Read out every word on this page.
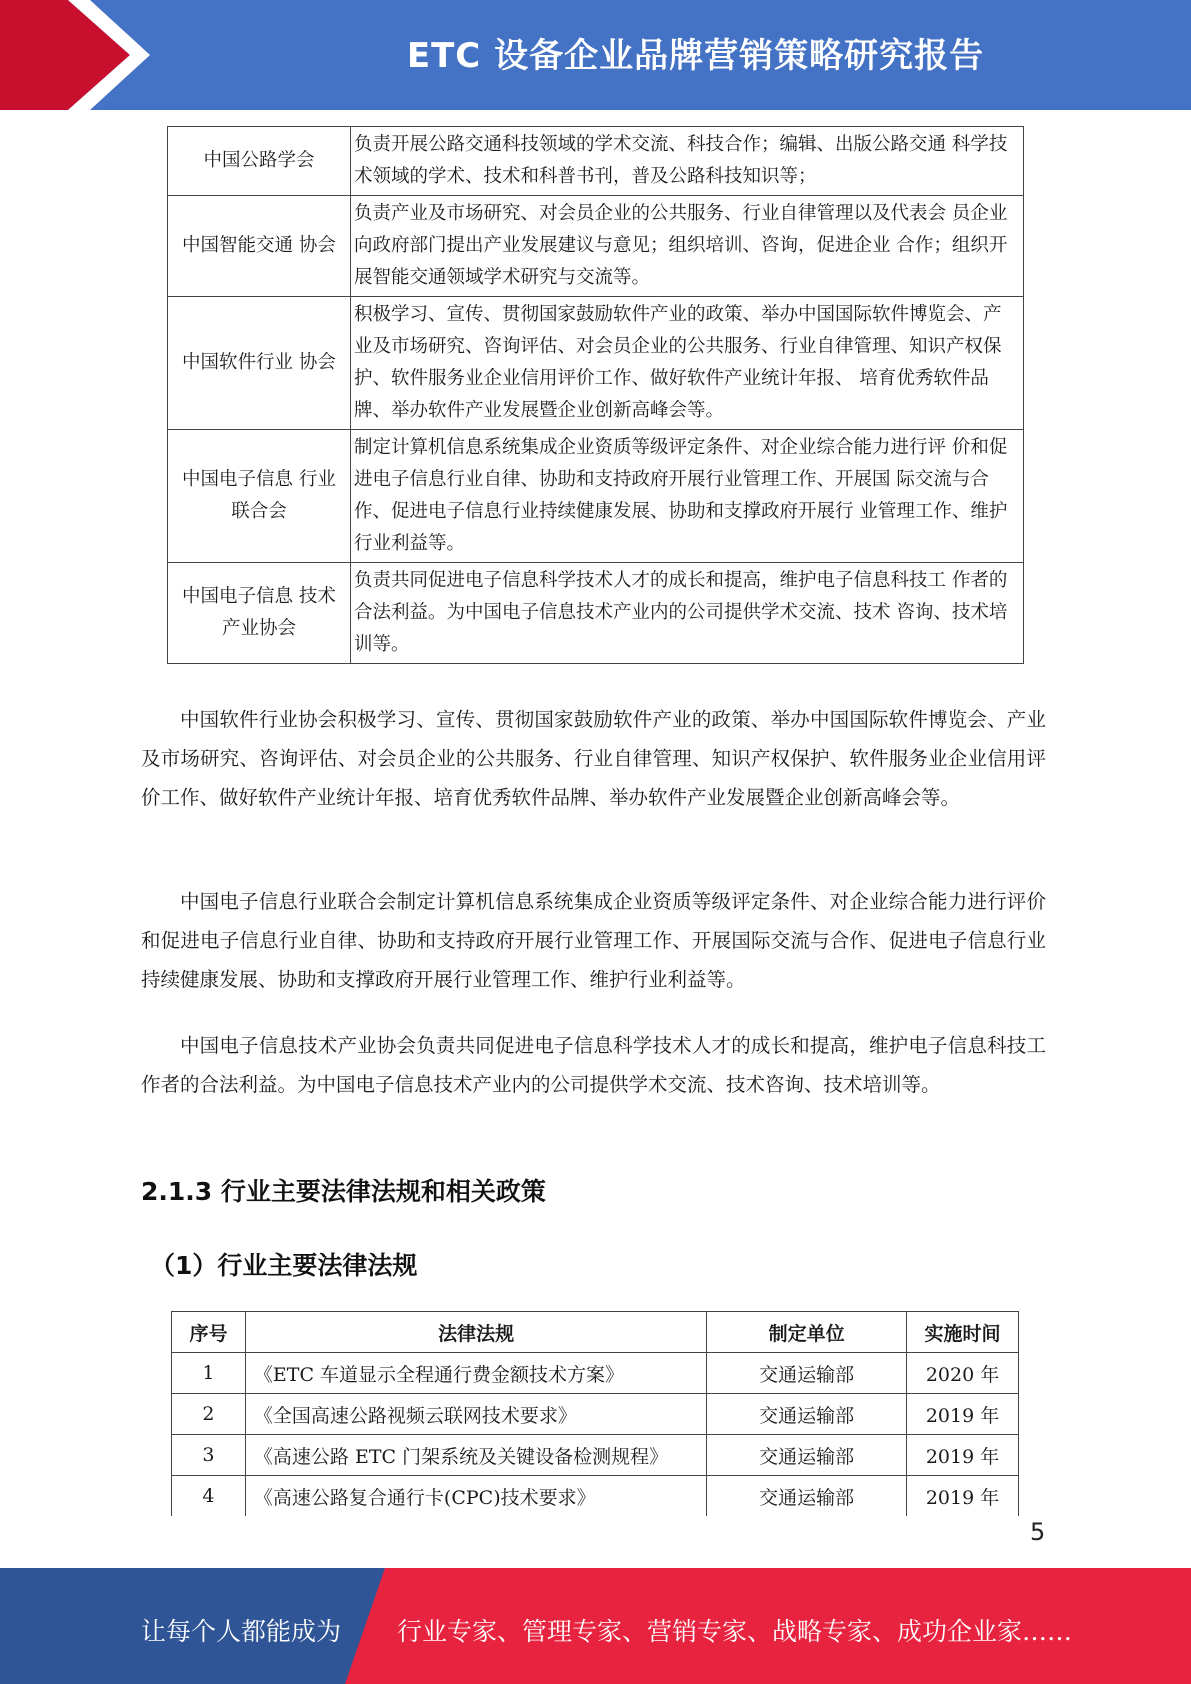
ETC 设备企业品牌营销策略研究报告
中国公路学会	负责开展公路交通科技领域的学术交流、科技合作；编辑、出版公路交通 科学技术领域的学术、技术和科普书刊，普及公路科技知识等；
中国智能交通 协会	负责产业及市场研究、对会员企业的公共服务、行业自律管理以及代表会 员企业向政府部门提出产业发展建议与意见；组织培训、咨询，促进企业 合作；组织开展智能交通领域学术研究与交流等。
中国软件行业 协会	积极学习、宣传、贯彻国家鼓励软件产业的政策、举办中国国际软件博览会、产业及市场研究、咨询评估、对会员企业的公共服务、行业自律管理、知识产权保护、软件服务业企业信用评价工作、做好软件产业统计年报、 培育优秀软件品牌、举办软件产业发展暨企业创新高峰会等。
中国电子信息 行业联合会	制定计算机信息系统集成企业资质等级评定条件、对企业综合能力进行评 价和促进电子信息行业自律、协助和支持政府开展行业管理工作、开展国 际交流与合作、促进电子信息行业持续健康发展、协助和支撑政府开展行 业管理工作、维护行业利益等。
中国电子信息 技术产业协会	负责共同促进电子信息科学技术人才的成长和提高，维护电子信息科技工 作者的合法利益。为中国电子信息技术产业内的公司提供学术交流、技术 咨询、技术培训等。

中国软件行业协会积极学习、宣传、贯彻国家鼓励软件产业的政策、举办中国国际软件博览会、产业及市场研究、咨询评估、对会员企业的公共服务、行业自律管理、知识产权保护、软件服务业企业信用评价工作、做好软件产业统计年报、培育优秀软件品牌、举办软件产业发展暨企业创新高峰会等。

中国电子信息行业联合会制定计算机信息系统集成企业资质等级评定条件、对企业综合能力进行评价和促进电子信息行业自律、协助和支持政府开展行业管理工作、开展国际交流与合作、促进电子信息行业持续健康发展、协助和支撑政府开展行业管理工作、维护行业利益等。

中国电子信息技术产业协会负责共同促进电子信息科学技术人才的成长和提高，维护电子信息科技工作者的合法利益。为中国电子信息技术产业内的公司提供学术交流、技术咨询、技术培训等。

2.1.3 行业主要法律法规和相关政策
（1）行业主要法律法规
序号	法律法规	制定单位	实施时间
1	《ETC 车道显示全程通行费金额技术方案》	交通运输部	2020 年
2	《全国高速公路视频云联网技术要求》	交通运输部	2019 年
3	《高速公路 ETC 门架系统及关键设备检测规程》	交通运输部	2019 年
4	《高速公路复合通行卡(CPC)技术要求》	交通运输部	2019 年
5
让每个人都能成为 行业专家、管理专家、营销专家、战略专家、成功企业家……
